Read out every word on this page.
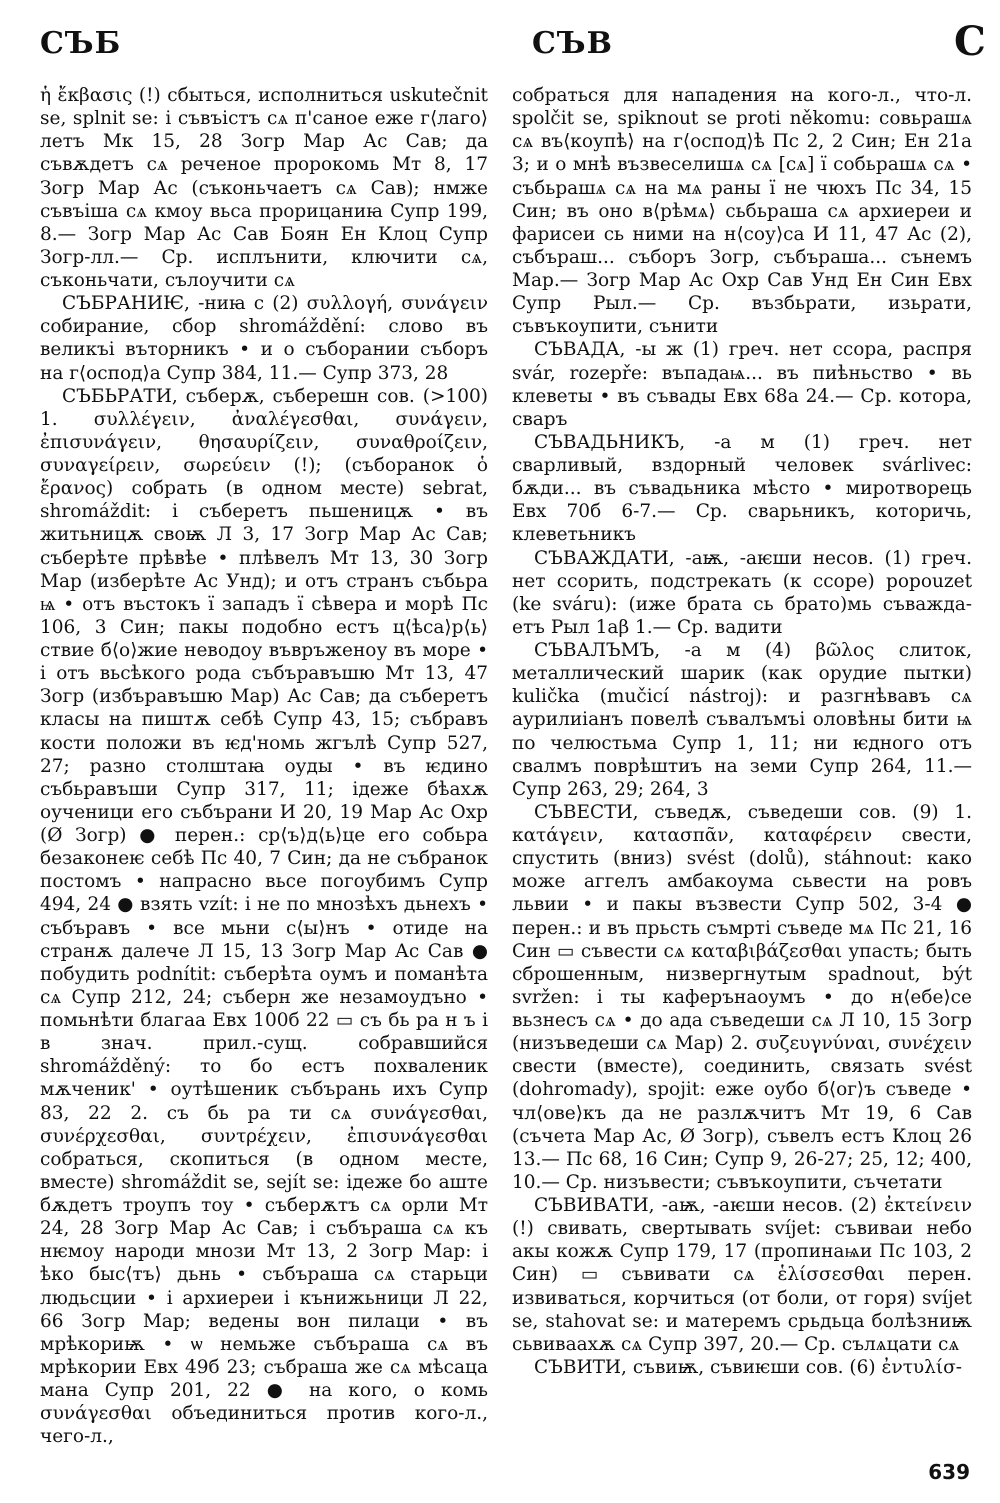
СЪБ	СЪВ	С

ἡ ἔκβασις (!) сбыться, исполниться uskutečnit se, splnit se: і съвъістъ сѧ п'саное еже г⟨лаго⟩летъ Мк 15, 28 Зогр Мар Ас Сав; да съвѫдетъ сѧ реченое пророкомь Мт 8, 17 Зогр Мар Ас (съконьчаетъ сѧ Сав); нмже съвъіша сѧ кмоу вьса прорицаниꙗ Супр 199, 8.— Зогр Мар Ас Сав Боян Ен Клоц Супр Зогр-лл.— Ср. исплънити, ключити сѧ, съконьчати, сълоучити сѧ

СЪБРАНИѤ, -ниꙗ с (2) συλλογή, συνάγειν собирание, сбор shromáždění: слово въ великъі въторникъ • и о съборании съборъ на г⟨оспод⟩а Супр 384, 11.— Супр 373, 28

СЪБЬРАТИ, съберѫ, съберешн сов. (>100) 1. συλλέγειν, ἀναλέγεσθαι, συνάγειν, ἐπισυνάγειν, θησαυρίζειν, συναθροίζειν, συναγείρειν, σωρεύειν (!); (съборанок ὁ ἔρανος) собрать (в одном месте) sebrat, shromáždit: і съберетъ пьшеницѫ • въ житьницѫ своѭ Л 3, 17 Зогр Мар Ас Сав; съберѣте прѣвѣе • плѣвелъ Мт 13, 30 Зогр Мар (изберѣте Ас Унд); и отъ странъ събьра ѩ • отъ въстокъ ї западъ ї сѣвера и морѣ Пс 106, 3 Син; пакы подобно естъ ц⟨ѣса⟩р⟨ь⟩ствие б⟨о⟩жие неводоу въвръженоу въ море • і отъ вьсѣкого рода събъравъшю Мт 13, 47 Зогр (избъравъшю Мар) Ас Сав; да съберетъ класы на пиштѫ себѣ Супр 43, 15; събравъ кости положи въ ѥд'номь жгълѣ Супр 527, 27; разно столштаꙗ оуды • въ ѥдино събьравъши Супр 317, 11; ідеже бѣахѫ оученици его събърани И 20, 19 Мар Ас Охр (Ø Зогр) ● перен.: ср⟨ъ⟩д⟨ь⟩це его собьра безаконеѥ себѣ Пс 40, 7 Син; да не събранок постомъ • напрасно вьсе погоубимъ Супр 494, 24 ● взять vzít: і не по мнозѣхъ дьнехъ • събъравъ • все мьни с⟨ы⟩нъ • отиде на странѫ далече Л 15, 13 Зогр Мар Ас Сав ● побудить podnítit: съберѣта оумъ и поманѣта сѧ Супр 212, 24; съберн же незамоудъно • помьнѣти благаа Евх 100б 22 ▭ съ бь ра н ъ і в знач. прил.-сущ. собравшийся shromážděný: то бо естъ похваленик мѫченик' • оутѣшеник събърань ихъ Супр 83, 22 2. съ бь ра ти сѧ συνάγεσθαι, συνέρχεσθαι, συντρέχειν, ἐπισυνάγεσθαι собраться, скопиться (в одном месте, вместе) shromáždit se, sejít se: ідеже бо аште бѫдетъ троупъ тоу • съберѫтъ сѧ орли Мт 24, 28 Зогр Мар Ас Сав; і събъраша сѧ къ нѥмоу народи мнози Мт 13, 2 Зогр Мар: і ѣко быс⟨тъ⟩ дьнь • събъраша сѧ старьци людьсции • і архиереи і кънижьници Л 22, 66 Зогр Мар; ведены вон пилаци • въ мрѣкориѭ • ѡ немьже събъраша сѧ въ мрѣкории Евх 49б 23; събраша же сѧ мѣсаца мана Супр 201, 22 ● на кого, о комь συνάγεσθαι объединиться против кого-л., чего-л.,

собраться для нападения на кого-л., что-л. spolčit se, spiknout se proti někomu: совьрашѧ сѧ въ⟨коупѣ⟩ на г⟨оспод⟩ѣ Пс 2, 2 Син; Ен 21а 3; и о мнѣ възвеселишѧ сѧ [сѧ] ї собьрашѧ сѧ • събьрашѧ сѧ на мѧ раны ї не чюхъ Пс 34, 15 Син; въ оно в⟨рѣмѧ⟩ сьбьраша сѧ архиереи и фарисеи сь ними на н⟨соу⟩са И 11, 47 Ас (2), събъраш... съборъ Зогр, събъраша... сънемъ Мар.— Зогр Мар Ас Охр Сав Унд Ен Син Евх Супр Рыл.— Ср. възбьрати, изьрати, съвъкоупити, сънити

СЪВАДА, -ы ж (1) греч. нет ссора, распря svár, rozepře: въпадаѩ... въ пиѣньство • вь клеветы • въ съвады Евх 68а 24.— Ср. котора, сваръ

СЪВАДЬНИКЪ, -а м (1) греч. нет сварливый, вздорный человек svárlivec: бѫди... въ съвадьника мѣсто • миротворець Евх 70б 6-7.— Ср. сварьникъ, которичь, клеветьникъ

СЪВАЖДАТИ, -аѭ, -аѥши несов. (1) греч. нет ссорить, подстрекать (к ссоре) popouzet (ke sváru): (иже брата сь брато)мь съважда-етъ Рыл 1аβ 1.— Ср. вадити

СЪВАЛЪМЪ, -а м (4) βῶλος слиток, металлический шарик (как орудие пытки) kulička (mučicí nástroj): и разгнѣвавъ сѧ аурилиіанъ повелѣ съвалъмъі оловѣны бити ѩ по челюстьма Супр 1, 11; ни ѥдного отъ свалмъ поврѣштиъ на земи Супр 264, 11.— Супр 263, 29; 264, 3

СЪВЕСТИ, съведѫ, съведеши сов. (9) 1. κατάγειν, κατασπᾶν, καταφέρειν свести, спустить (вниз) svést (dolů), stáhnout: како може аггелъ амбакоума сьвести на ровъ львии • и пакы възвести Супр 502, 3-4 ● перен.: и въ прьсть съмрті съведе мѧ Пс 21, 16 Син ▭ съвести сѧ καταβιβάζεσθαι упасть; быть сброшенным, низвергнутым spadnout, být svržen: і ты каферънаоумъ • до н⟨ебе⟩се вьзнесъ сѧ • до ада съведеши сѧ Л 10, 15 Зогр (низъведеши сѧ Мар) 2. συζευγνύναι, συνέχειν свести (вместе), соединить, связать svést (dohromady), spojit: еже оубо б⟨ог⟩ъ съведе • чл⟨ове⟩къ да не разлѫчитъ Мт 19, 6 Сав (съчета Мар Ас, Ø Зогр), съвелъ естъ Клоц 26 13.— Пс 68, 16 Син; Супр 9, 26-27; 25, 12; 400, 10.— Ср. низъвести; съвъкоупити, съчетати

СЪВИВАТИ, -аѭ, -аѥши несов. (2) ἐκτείνειν (!) свивать, свертывать svíjet: съвиваи небо акы кожѫ Супр 179, 17 (пропинаѩи Пс 103, 2 Син) ▭ съвивати сѧ ἑλίσσεσθαι перен. извиваться, корчиться (от боли, от горя) svíjet se, stahovat se: и матеремъ срьдьца болѣзниѭ сьвиваахѫ сѧ Супр 397, 20.— Ср. сълѧцати сѧ

СЪВИТИ, съвиѭ, съвиѥши сов. (6) ἐντυλίσ-

639
